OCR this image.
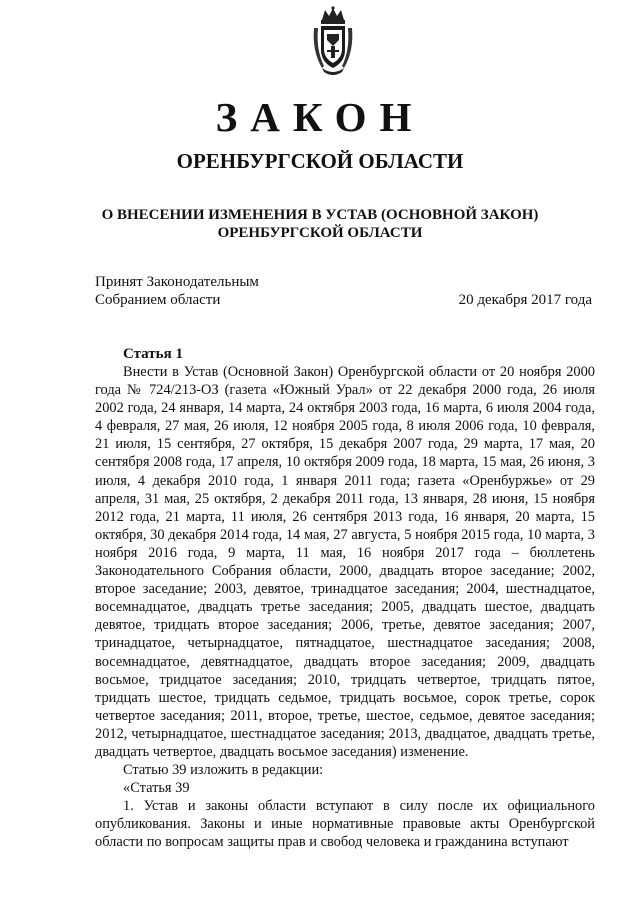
ЗАКОН
ОРЕНБУРГСКОЙ ОБЛАСТИ
О ВНЕСЕНИИ ИЗМЕНЕНИЯ В УСТАВ (ОСНОВНОЙ ЗАКОН)
ОРЕНБУРГСКОЙ ОБЛАСТИ
Принят Законодательным
Собранием области	20 декабря 2017 года
Статья 1

Внести в Устав (Основной Закон) Оренбургской области от 20 ноября 2000 года № 724/213-ОЗ (газета «Южный Урал» от 22 декабря 2000 года, 26 июля 2002 года, 24 января, 14 марта, 24 октября 2003 года, 16 марта, 6 июля 2004 года, 4 февраля, 27 мая, 26 июля, 12 ноября 2005 года, 8 июля 2006 года, 10 февраля, 21 июля, 15 сентября, 27 октября, 15 декабря 2007 года, 29 марта, 17 мая, 20 сентября 2008 года, 17 апреля, 10 октября 2009 года, 18 марта, 15 мая, 26 июня, 3 июля, 4 декабря 2010 года, 1 января 2011 года; газета «Оренбуржье» от 29 апреля, 31 мая, 25 октября, 2 декабря 2011 года, 13 января, 28 июня, 15 ноября 2012 года, 21 марта, 11 июля, 26 сентября 2013 года, 16 января, 20 марта, 15 октября, 30 декабря 2014 года, 14 мая, 27 августа, 5 ноября 2015 года, 10 марта, 3 ноября 2016 года, 9 марта, 11 мая, 16 ноября 2017 года – бюллетень Законодательного Собрания области, 2000, двадцать второе заседание; 2002, второе заседание; 2003, девятое, тринадцатое заседания; 2004, шестнадцатое, восемнадцатое, двадцать третье заседания; 2005, двадцать шестое, двадцать девятое, тридцать второе заседания; 2006, третье, девятое заседания; 2007, тринадцатое, четырнадцатое, пятнадцатое, шестнадцатое заседания; 2008, восемнадцатое, девятнадцатое, двадцать второе заседания; 2009, двадцать восьмое, тридцатое заседания; 2010, тридцать четвертое, тридцать пятое, тридцать шестое, тридцать седьмое, тридцать восьмое, сорок третье, сорок четвертое заседания; 2011, второе, третье, шестое, седьмое, девятое заседания; 2012, четырнадцатое, шестнадцатое заседания; 2013, двадцатое, двадцать третье, двадцать четвертое, двадцать восьмое заседания) изменение.

Статью 39 изложить в редакции:

«Статья 39

1. Устав и законы области вступают в силу после их официального опубликования. Законы и иные нормативные правовые акты Оренбургской области по вопросам защиты прав и свобод человека и гражданина вступают
